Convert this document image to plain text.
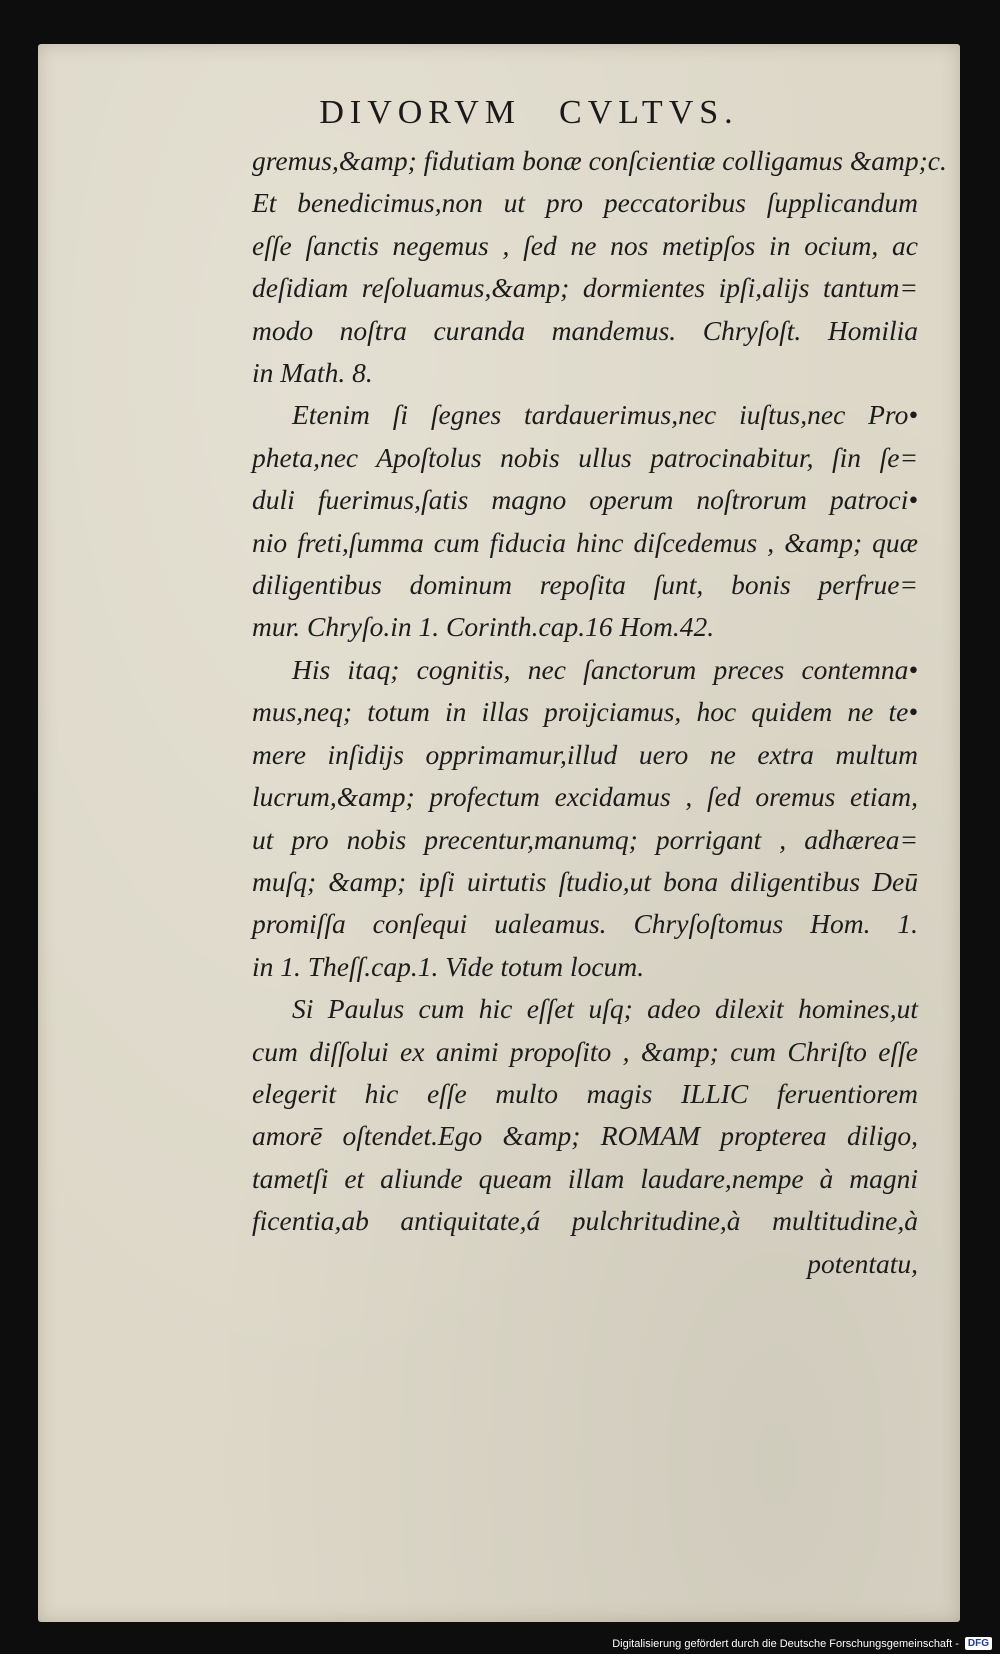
DIVORVM CVLTVS.
gremus,&amp; fidutiam bonæ conſcientiæ colligamus &amp;c.
Et benedicimus,non ut pro peccatoribus ſupplicandum
eſſe ſanctis negemus , ſed ne nos metipſos in ocium, ac
deſidiam reſoluamus,&amp; dormientes ipſi,alijs tantum=
modo noſtra curanda mandemus. Chryſoſt. Homilia
in Math. 8.
Etenim ſi ſegnes tardauerimus,nec iuſtus,nec Pro•
pheta,nec Apoſtolus nobis ullus patrocinabitur, ſin ſe=
duli fuerimus,ſatis magno operum noſtrorum patroci•
nio freti,ſumma cum fiducia hinc diſcedemus , &amp; quæ
diligentibus dominum repoſita ſunt, bonis perfrue=
mur. Chryſo.in 1. Corinth.cap.16 Hom.42.
His itaq; cognitis, nec ſanctorum preces contemna•
mus,neq; totum in illas proijciamus, hoc quidem ne te•
mere inſidijs opprimamur,illud uero ne extra multum
lucrum,&amp; profectum excidamus , ſed oremus etiam,
ut pro nobis precentur,manumq; porrigant , adhærea=
muſq; &amp; ipſi uirtutis ſtudio,ut bona diligentibus Deū
promiſſa conſequi ualeamus. Chryſoſtomus Hom. 1.
in 1. Theſſ.cap.1. Vide totum locum.
Si Paulus cum hic eſſet uſq; adeo dilexit homines,ut
cum diſſolui ex animi propoſito , &amp; cum Chriſto eſſe
elegerit hic eſſe multo magis ILLIC feruentiorem
amorē oſtendet.Ego &amp; ROMAM propterea diligo,
tametſi et aliunde queam illam laudare,nempe à magni
ficentia,ab antiquitate,á pulchritudine,à multitudine,à
potentatu,
Digitalisierung gefördert durch die Deutsche Forschungsgemeinschaft - DFG
